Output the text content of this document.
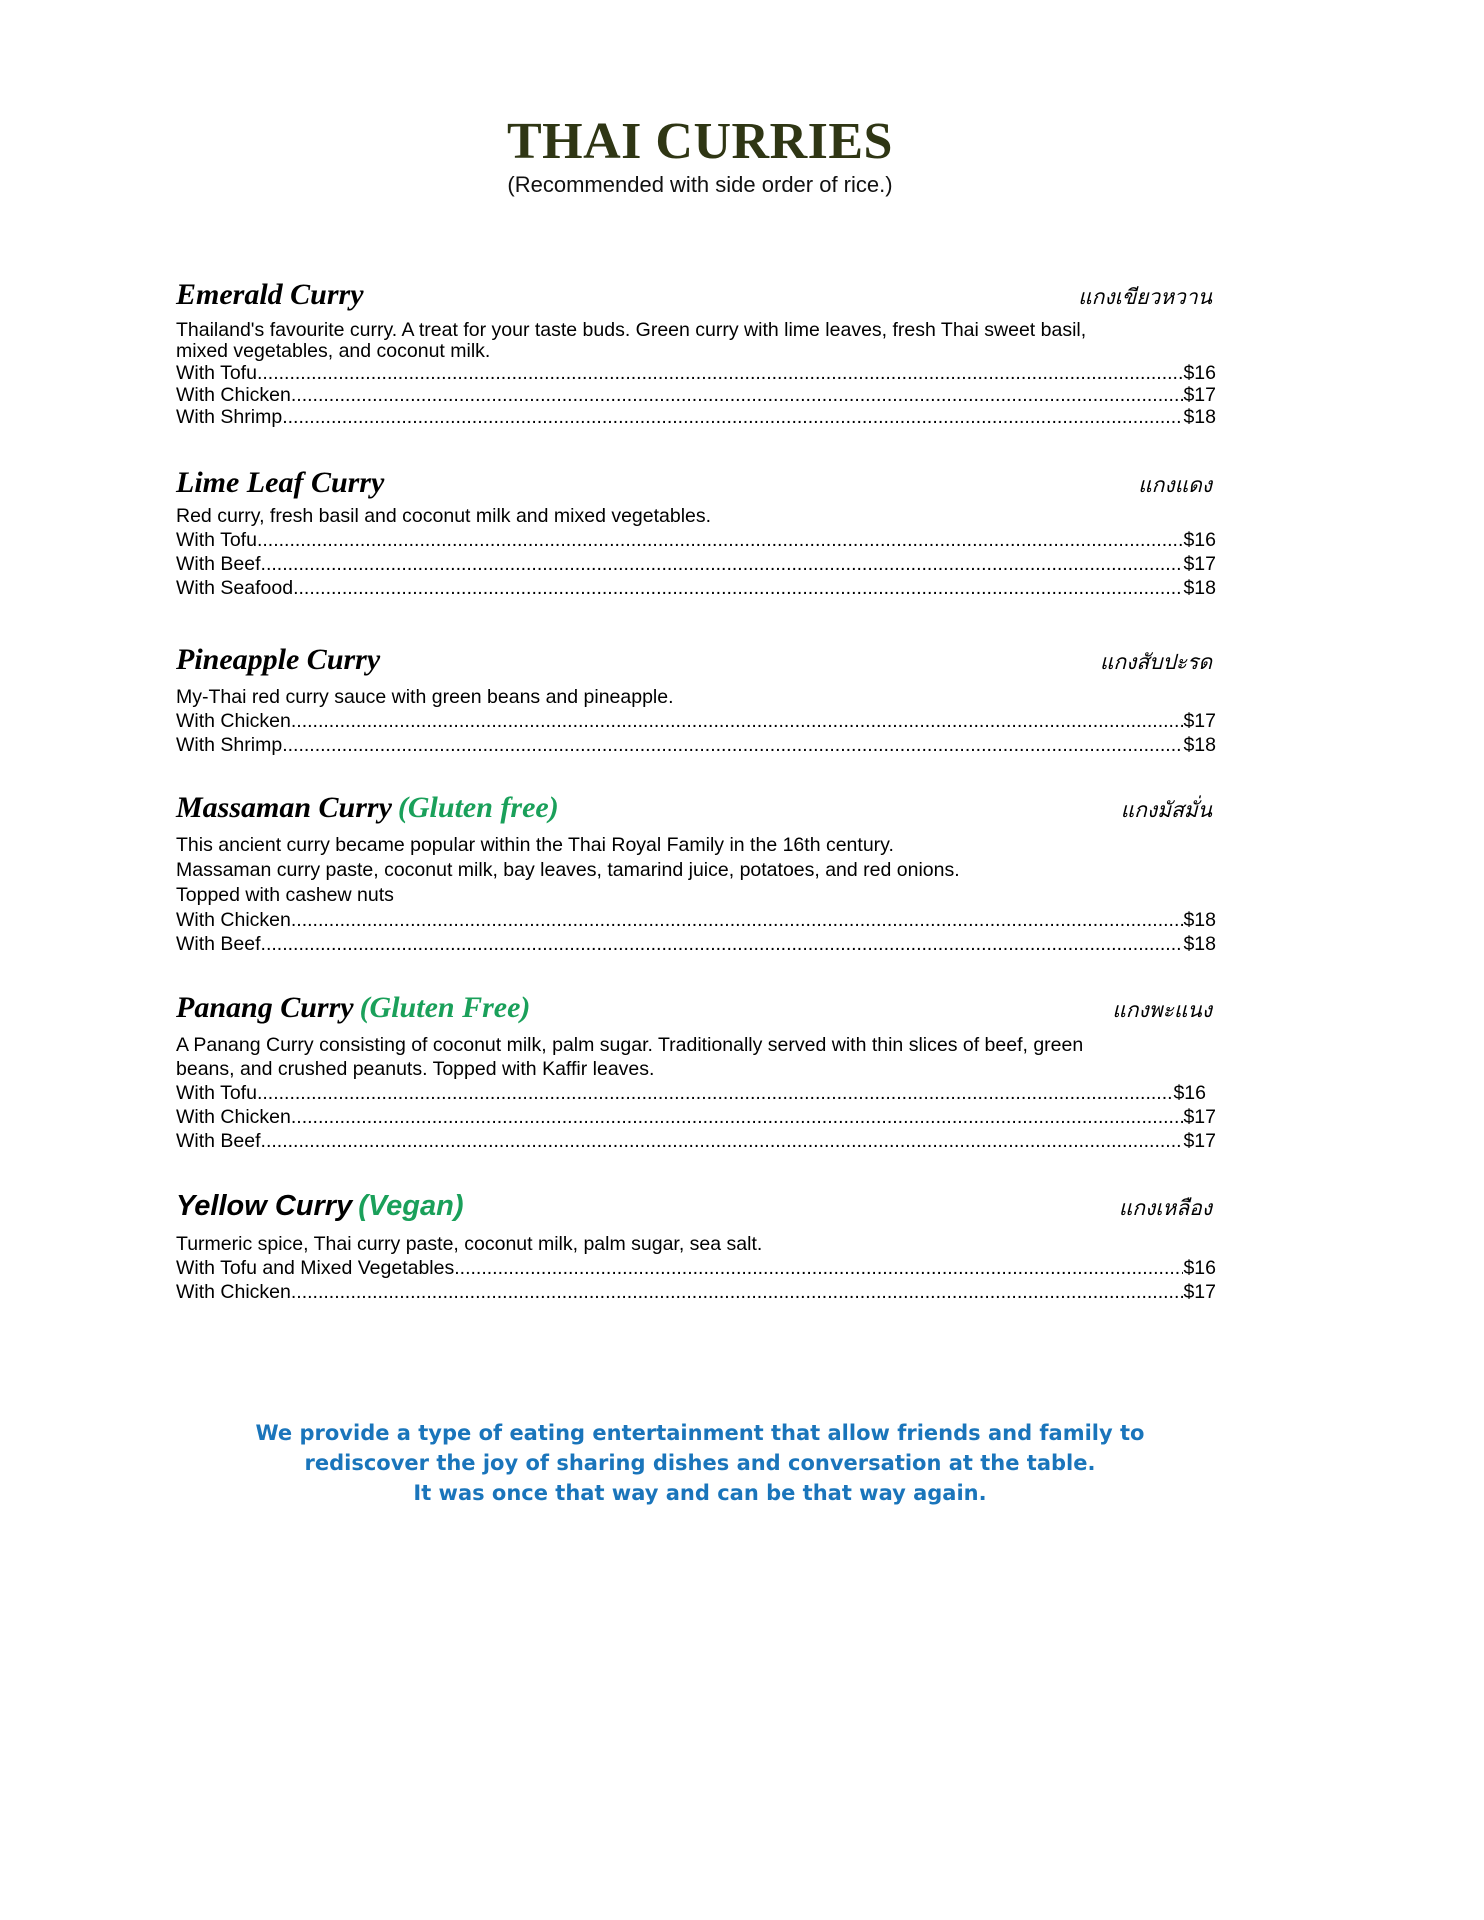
THAI CURRIES
(Recommended with side order of rice.)
Emerald Curry	แกงเขียวหวาน

Thailand's favourite curry. A treat for your taste buds. Green curry with lime leaves, fresh Thai sweet basil,

mixed vegetables, and coconut milk.

With Tofu .....	$16
With Chicken .....	$17
With Shrimp .....	$18
Lime Leaf Curry	แกงแดง

Red curry, fresh basil and coconut milk and mixed vegetables.

With Tofu .....	$16
With Beef .....	$17
With Seafood .....	$18
Pineapple Curry	แกงสับปะรด

My-Thai red curry sauce with green beans and pineapple.

With Chicken .....	$17
With Shrimp .....	$18
Massaman Curry (Gluten free)	แกงมัสมั่น

This ancient curry became popular within the Thai Royal Family in the 16th century.

Massaman curry paste, coconut milk, bay leaves, tamarind juice, potatoes, and red onions.

Topped with cashew nuts

With Chicken .....	$18
With Beef .....	$18
Panang Curry (Gluten Free)	แกงพะแนง

A Panang Curry consisting of coconut milk, palm sugar. Traditionally served with thin slices of beef, green

beans, and crushed peanuts. Topped with Kaffir leaves.

With Tofu .....	$16
With Chicken .....	$17
With Beef .....	$17
Yellow Curry (Vegan)	แกงเหลือง

Turmeric spice, Thai curry paste, coconut milk, palm sugar, sea salt.

With Tofu and Mixed Vegetables .....	$16
With Chicken .....	$17

We provide a type of eating entertainment that allow friends and family to

rediscover the joy of sharing dishes and conversation at the table.

It was once that way and can be that way again.
